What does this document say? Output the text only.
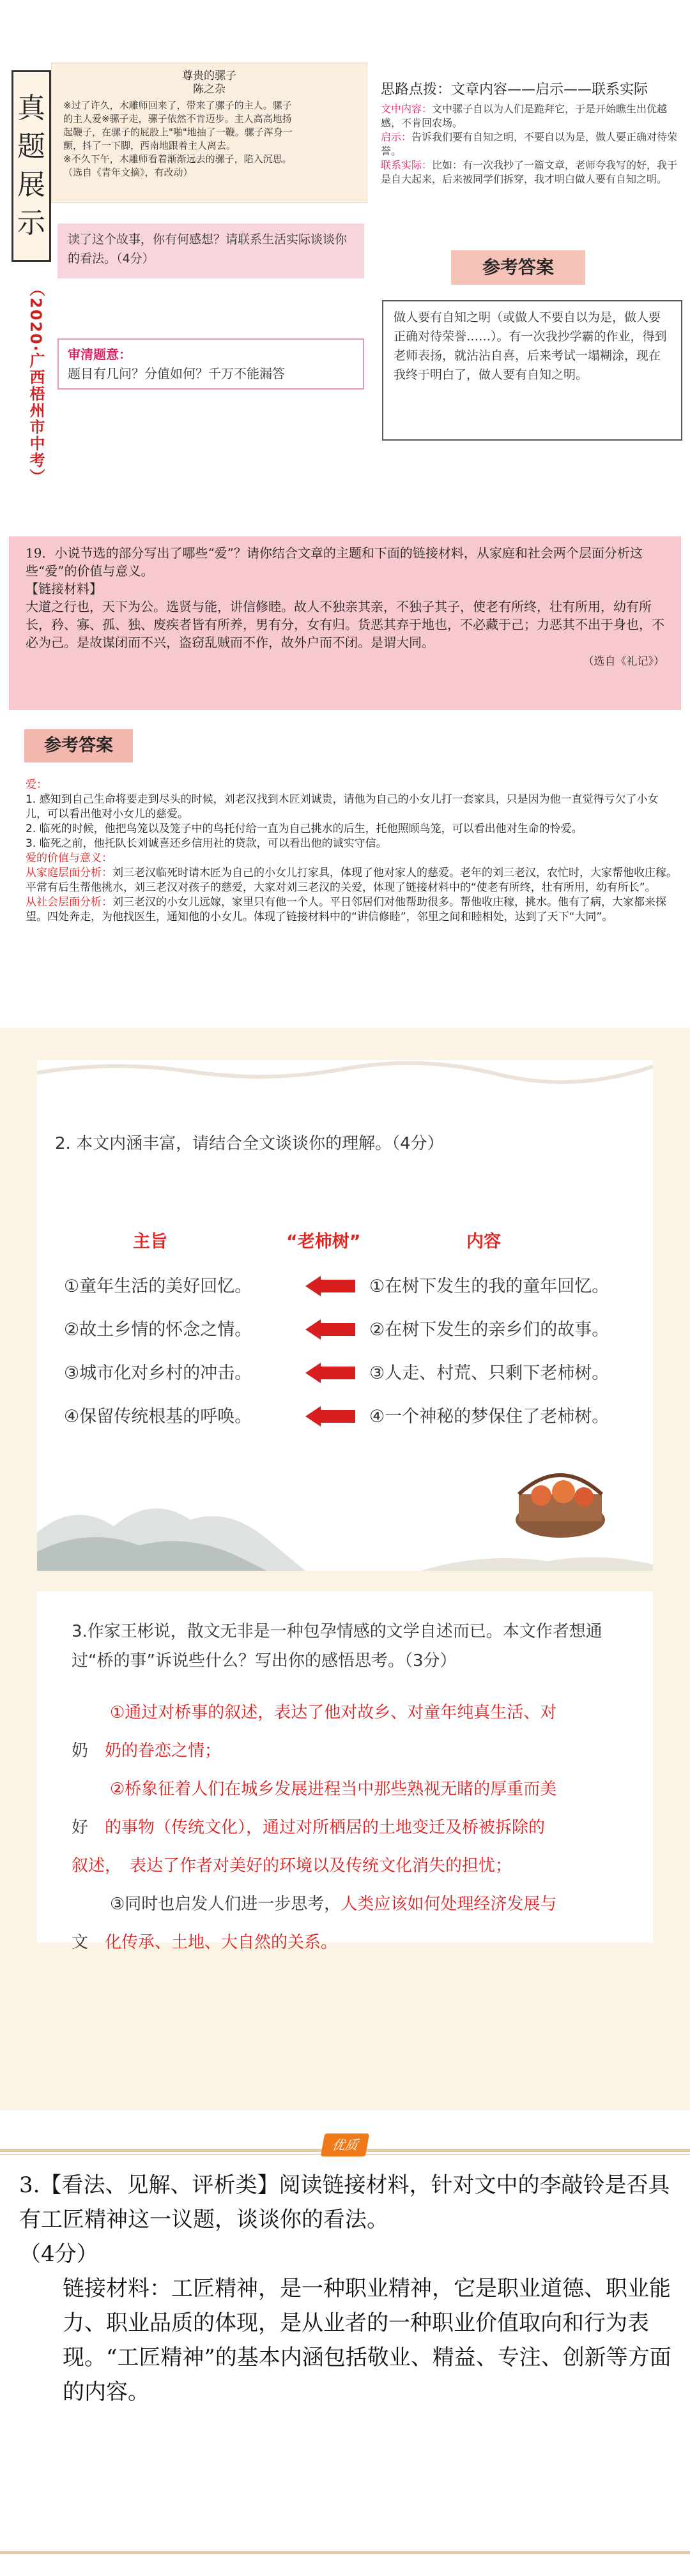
真
题
展
示
（2020·广西梧州市中考）
尊贵的骡子
陈之杂
※过了许久，木雕师回来了，带来了骡子的主人。骡子
的主人爱※骡子走，骡子依然不肯迈步。主人高高地扬
起鞭子，在骡子的屁股上"啪"地抽了一鞭。骡子浑身一
颤，抖了一下脚，西南地跟着主人离去。
※不久下午，木雕师看着渐渐远去的骡子，陷入沉思。
（选自《青年文摘》，有改动）
读了这个故事，你有何感想？请联系生活实际谈谈你的看法。（4分）
审清题意：
题目有几问？分值如何？千万不能漏答
思路点拨：文章内容——启示——联系实际
文中内容：文中骡子自以为人们是跪拜它，于是开始瞧生出优越感，不肯回农场。
启示：告诉我们要有自知之明，不要自以为是，做人要正确对待荣誉。
联系实际：比如：有一次我抄了一篇文章，老师夸我写的好，我于是自大起来，后来被同学们拆穿，我才明白做人要有自知之明。
参考答案
做人要有自知之明（或做人不要自以为是，做人要正确对待荣誉……）。有一次我抄学霸的作业，得到老师表扬，就沾沾自喜，后来考试一塌糊涂，现在我终于明白了，做人要有自知之明。
19．小说节选的部分写出了哪些“爱”？请你结合文章的主题和下面的链接材料，从家庭和社会两个层面分析这些“爱”的价值与意义。
【链接材料】
大道之行也，天下为公。选贤与能，讲信修睦。故人不独亲其亲，不独子其子，使老有所终，壮有所用，幼有所长，矜、寡、孤、独、废疾者皆有所养，男有分，女有归。货恶其弃于地也，不必藏于己；力恶其不出于身也，不必为己。是故谋闭而不兴，盗窃乱贼而不作，故外户而不闭。是谓大同。
（选自《礼记》）
参考答案
爱：
1. 感知到自己生命将要走到尽头的时候，刘老汉找到木匠刘诚贵，请他为自己的小女儿打一套家具，只是因为他一直觉得亏欠了小女儿，可以看出他对小女儿的慈爱。
2. 临死的时候，他把鸟笼以及笼子中的鸟托付给一直为自己挑水的后生，托他照顾鸟笼，可以看出他对生命的怜爱。
3. 临死之前，他托队长刘诚喜还乡信用社的贷款，可以看出他的诚实守信。
爱的价值与意义：
从家庭层面分析：刘三老汉临死时请木匠为自己的小女儿打家具，体现了他对家人的慈爱。老年的刘三老汉，农忙时，大家帮他收庄稼。平常有后生帮他挑水，刘三老汉对孩子的慈爱，大家对刘三老汉的关爱，体现了链接材料中的“使老有所终，壮有所用，幼有所长”。
从社会层面分析：刘三老汉的小女儿远嫁，家里只有他一个人。平日邻居们对他帮助很多。帮他收庄稼，挑水。他有了病，大家都来探望。四处奔走，为他找医生，通知他的小女儿。体现了链接材料中的“讲信修睦”，邻里之间和睦相处，达到了天下“大同”。
2. 本文内涵丰富，请结合全文谈谈你的理解。（4分）
主旨	“老柿树”	内容
①童年生活的美好回忆。	①在树下发生的我的童年回忆。
②故土乡情的怀念之情。	②在树下发生的亲乡们的故事。
③城市化对乡村的冲击。	③人走、村荒、只剩下老柿树。
④保留传统根基的呼唤。	④一个神秘的梦保住了老柿树。
3.作家王彬说，散文无非是一种包孕情感的文学自述而已。本文作者想通过“桥的事”诉说些什么？写出你的感悟思考。（3分）
①通过对桥事的叙述，表达了他对故乡、对童年纯真生活、对
奶　奶的眷恋之情；
②桥象征着人们在城乡发展进程当中那些熟视无睹的厚重而美
好　的事物（传统文化），通过对所栖居的土地变迁及桥被拆除的
叙述，　表达了作者对美好的环境以及传统文化消失的担忧；
③同时也启发人们进一步思考，人类应该如何处理经济发展与
文　化传承、土地、大自然的关系。
优质

3.【看法、见解、评析类】阅读链接材料，针对文中的李敲铃是否具有工匠精神这一议题，谈谈你的看法。

（4分）

链接材料：工匠精神，是一种职业精神，它是职业道德、职业能力、职业品质的体现，是从业者的一种职业价值取向和行为表现。“工匠精神”的基本内涵包括敬业、精益、专注、创新等方面的内容。
